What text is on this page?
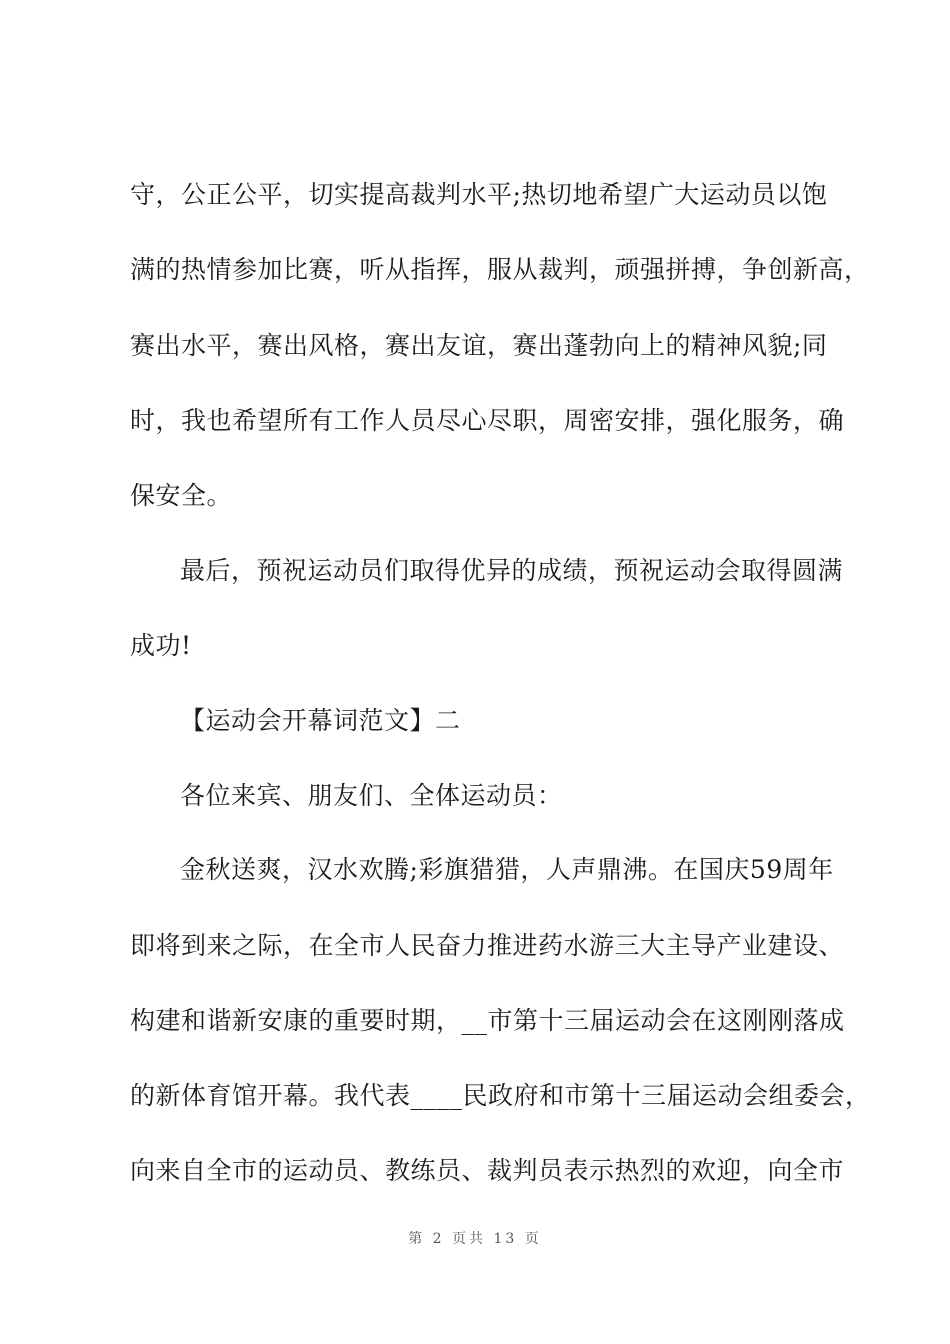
守，公正公平，切实提高裁判水平;热切地希望广大运动员以饱
满的热情参加比赛，听从指挥，服从裁判，顽强拼搏，争创新高，
赛出水平，赛出风格，赛出友谊，赛出蓬勃向上的精神风貌;同
时，我也希望所有工作人员尽心尽职，周密安排，强化服务，确
保安全。
最后，预祝运动员们取得优异的成绩，预祝运动会取得圆满
成功!
【运动会开幕词范文】二
各位来宾、朋友们、全体运动员：
金秋送爽，汉水欢腾;彩旗猎猎，人声鼎沸。在国庆59周年
即将到来之际，在全市人民奋力推进药水游三大主导产业建设、
构建和谐新安康的重要时期，__市第十三届运动会在这刚刚落成
的新体育馆开幕。我代表____民政府和市第十三届运动会组委会，
向来自全市的运动员、教练员、裁判员表示热烈的欢迎，向全市
第 2 页共 13 页
